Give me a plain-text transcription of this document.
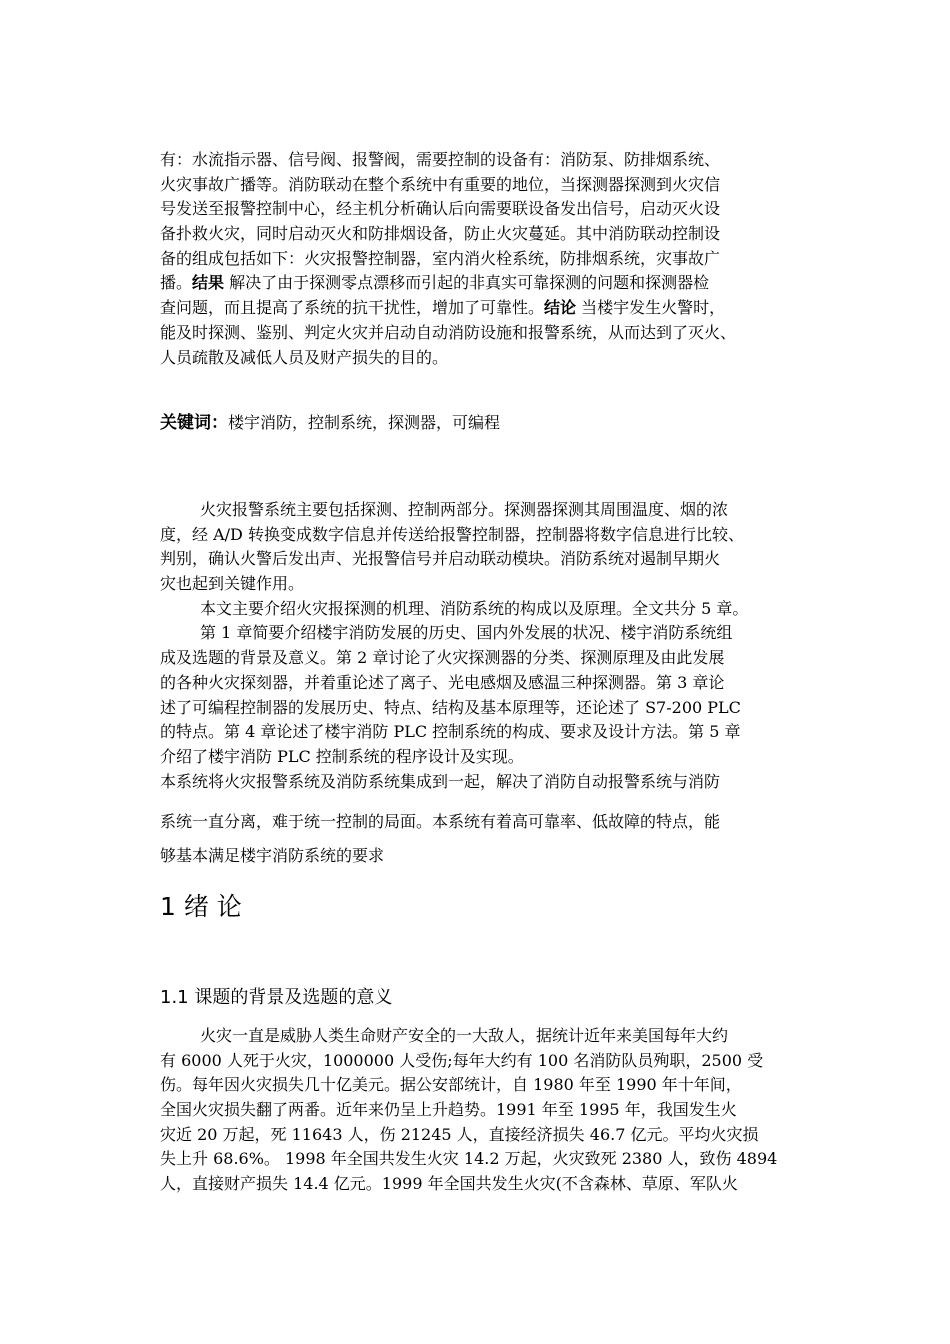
有：水流指示器、信号阀、报警阀，需要控制的设备有：消防泵、防排烟系统、
火灾事故广播等。消防联动在整个系统中有重要的地位，当探测器探测到火灾信
号发送至报警控制中心，经主机分析确认后向需要联设备发出信号，启动灭火设
备扑救火灾，同时启动灭火和防排烟设备，防止火灾蔓延。其中消防联动控制设
备的组成包括如下：火灾报警控制器，室内消火栓系统，防排烟系统，灾事故广
播。结果 解决了由于探测零点漂移而引起的非真实可靠探测的问题和探测器检
查问题，而且提高了系统的抗干扰性，增加了可靠性。结论 当楼宇发生火警时，
能及时探测、鉴别、判定火灾并启动自动消防设施和报警系统，从而达到了灭火、
人员疏散及减低人员及财产损失的目的。
关键词：楼宇消防，控制系统，探测器，可编程
火灾报警系统主要包括探测、控制两部分。探测器探测其周围温度、烟的浓
度，经 A/D 转换变成数字信息并传送给报警控制器，控制器将数字信息进行比较、
判别，确认火警后发出声、光报警信号并启动联动模块。消防系统对遏制早期火
灾也起到关键作用。
本文主要介绍火灾报探测的机理、消防系统的构成以及原理。全文共分 5 章。
第 1 章简要介绍楼宇消防发展的历史、国内外发展的状况、楼宇消防系统组
成及选题的背景及意义。第 2 章讨论了火灾探测器的分类、探测原理及由此发展
的各种火灾探刻器，并着重论述了离子、光电感烟及感温三种探测器。第 3 章论
述了可编程控制器的发展历史、特点、结构及基本原理等，还论述了 S7-200 PLC
的特点。第 4 章论述了楼宇消防 PLC 控制系统的构成、要求及设计方法。第 5 章
介绍了楼宇消防 PLC 控制系统的程序设计及实现。
本系统将火灾报警系统及消防系统集成到一起，解决了消防自动报警系统与消防
系统一直分离，难于统一控制的局面。本系统有着高可靠率、低故障的特点，能
够基本满足楼宇消防系统的要求
1 绪 论
1.1 课题的背景及选题的意义
火灾一直是威胁人类生命财产安全的一大敌人，据统计近年来美国每年大约
有 6000 人死于火灾，1000000 人受伤;每年大约有 100 名消防队员殉职，2500 受
伤。每年因火灾损失几十亿美元。据公安部统计，自 1980 年至 1990 年十年间，
全国火灾损失翻了两番。近年来仍呈上升趋势。1991 年至 1995 年，我国发生火
灾近 20 万起，死 11643 人，伤 21245 人，直接经济损失 46.7 亿元。平均火灾损
失上升 68.6%。 1998 年全国共发生火灾 14.2 万起，火灾致死 2380 人，致伤 4894
人，直接财产损失 14.4 亿元。1999 年全国共发生火灾(不含森林、草原、军队火
